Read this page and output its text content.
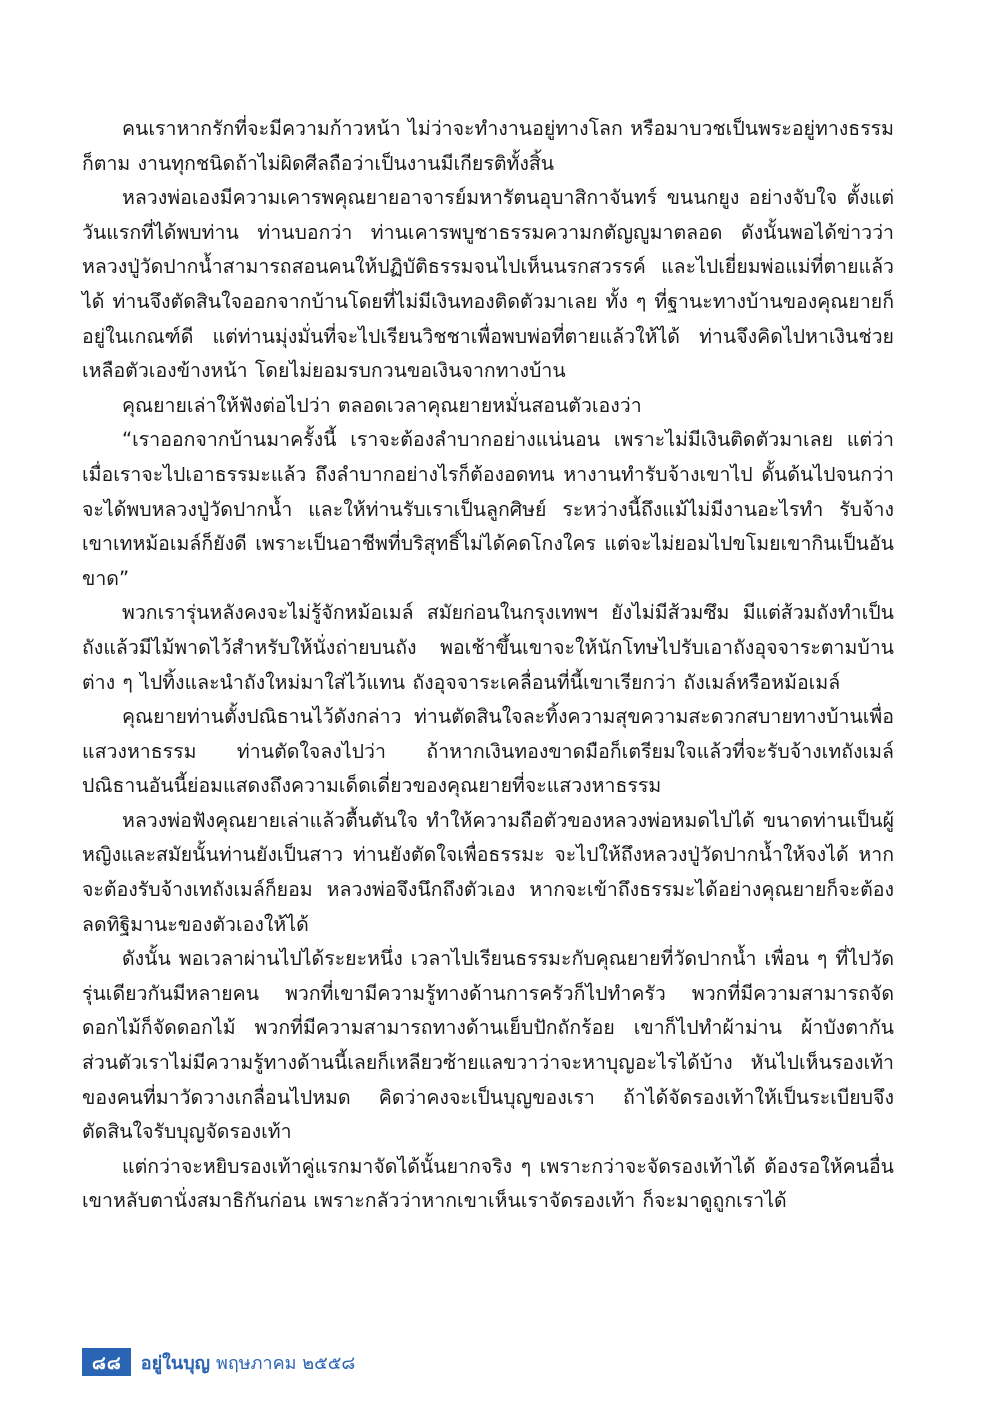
คนเราหากรักที่จะมีความก้าวหน้า ไม่ว่าจะทำงานอยู่ทางโลก หรือมาบวชเป็นพระอยู่ทางธรรมก็ตาม งานทุกชนิดถ้าไม่ผิดศีลถือว่าเป็นงานมีเกียรติทั้งสิ้น

หลวงพ่อเองมีความเคารพคุณยายอาจารย์มหารัตนอุบาสิกาจันทร์ ขนนกยูง อย่างจับใจ ตั้งแต่วันแรกที่ได้พบท่าน ท่านบอกว่า ท่านเคารพบูชาธรรมความกตัญญูมาตลอด ดังนั้นพอได้ข่าวว่าหลวงปู่วัดปากน้ำสามารถสอนคนให้ปฏิบัติธรรมจนไปเห็นนรกสวรรค์ และไปเยี่ยมพ่อแม่ที่ตายแล้วได้ ท่านจึงตัดสินใจออกจากบ้านโดยที่ไม่มีเงินทองติดตัวมาเลย ทั้ง ๆ ที่ฐานะทางบ้านของคุณยายก็อยู่ในเกณฑ์ดี แต่ท่านมุ่งมั่นที่จะไปเรียนวิชชาเพื่อพบพ่อที่ตายแล้วให้ได้ ท่านจึงคิดไปหาเงินช่วยเหลือตัวเองข้างหน้า โดยไม่ยอมรบกวนขอเงินจากทางบ้าน

คุณยายเล่าให้ฟังต่อไปว่า ตลอดเวลาคุณยายหมั่นสอนตัวเองว่า

“เราออกจากบ้านมาครั้งนี้ เราจะต้องลำบากอย่างแน่นอน เพราะไม่มีเงินติดตัวมาเลย แต่ว่าเมื่อเราจะไปเอาธรรมะแล้ว ถึงลำบากอย่างไรก็ต้องอดทน หางานทำรับจ้างเขาไป ดั้นด้นไปจนกว่าจะได้พบหลวงปู่วัดปากน้ำ และให้ท่านรับเราเป็นลูกศิษย์ ระหว่างนี้ถึงแม้ไม่มีงานอะไรทำ รับจ้างเขาเทหม้อเมล์ก็ยังดี เพราะเป็นอาชีพที่บริสุทธิ์ไม่ได้คดโกงใคร แต่จะไม่ยอมไปขโมยเขากินเป็นอันขาด”

พวกเรารุ่นหลังคงจะไม่รู้จักหม้อเมล์ สมัยก่อนในกรุงเทพฯ ยังไม่มีส้วมซึม มีแต่ส้วมถังทำเป็นถังแล้วมีไม้พาดไว้สำหรับให้นั่งถ่ายบนถัง พอเช้าขึ้นเขาจะให้นักโทษไปรับเอาถังอุจจาระตามบ้านต่าง ๆ ไปทิ้งและนำถังใหม่มาใส่ไว้แทน ถังอุจจาระเคลื่อนที่นี้เขาเรียกว่า ถังเมล์หรือหม้อเมล์

คุณยายท่านตั้งปณิธานไว้ดังกล่าว ท่านตัดสินใจละทิ้งความสุขความสะดวกสบายทางบ้านเพื่อแสวงหาธรรม ท่านตัดใจลงไปว่า ถ้าหากเงินทองขาดมือก็เตรียมใจแล้วที่จะรับจ้างเทถังเมล์ ปณิธานอันนี้ย่อมแสดงถึงความเด็ดเดี่ยวของคุณยายที่จะแสวงหาธรรม

หลวงพ่อฟังคุณยายเล่าแล้วตื้นตันใจ ทำให้ความถือตัวของหลวงพ่อหมดไปได้ ขนาดท่านเป็นผู้หญิงและสมัยนั้นท่านยังเป็นสาว ท่านยังตัดใจเพื่อธรรมะ จะไปให้ถึงหลวงปู่วัดปากน้ำให้จงได้ หากจะต้องรับจ้างเทถังเมล์ก็ยอม หลวงพ่อจึงนึกถึงตัวเอง หากจะเข้าถึงธรรมะได้อย่างคุณยายก็จะต้องลดทิฐิมานะของตัวเองให้ได้

ดังนั้น พอเวลาผ่านไปได้ระยะหนึ่ง เวลาไปเรียนธรรมะกับคุณยายที่วัดปากน้ำ เพื่อน ๆ ที่ไปวัดรุ่นเดียวกันมีหลายคน พวกที่เขามีความรู้ทางด้านการครัวก็ไปทำครัว พวกที่มีความสามารถจัดดอกไม้ก็จัดดอกไม้ พวกที่มีความสามารถทางด้านเย็บปักถักร้อย เขาก็ไปทำผ้าม่าน ผ้าบังตากัน ส่วนตัวเราไม่มีความรู้ทางด้านนี้เลยก็เหลียวซ้ายแลขวาว่าจะหาบุญอะไรได้บ้าง หันไปเห็นรองเท้าของคนที่มาวัดวางเกลื่อนไปหมด คิดว่าคงจะเป็นบุญของเรา ถ้าได้จัดรองเท้าให้เป็นระเบียบจึงตัดสินใจรับบุญจัดรองเท้า

แต่กว่าจะหยิบรองเท้าคู่แรกมาจัดได้นั้นยากจริง ๆ เพราะกว่าจะจัดรองเท้าได้ ต้องรอให้คนอื่นเขาหลับตานั่งสมาธิกันก่อน เพราะกลัวว่าหากเขาเห็นเราจัดรองเท้า ก็จะมาดูถูกเราได้

๘๘	อยู่ในบุญ พฤษภาคม ๒๕๕๘
